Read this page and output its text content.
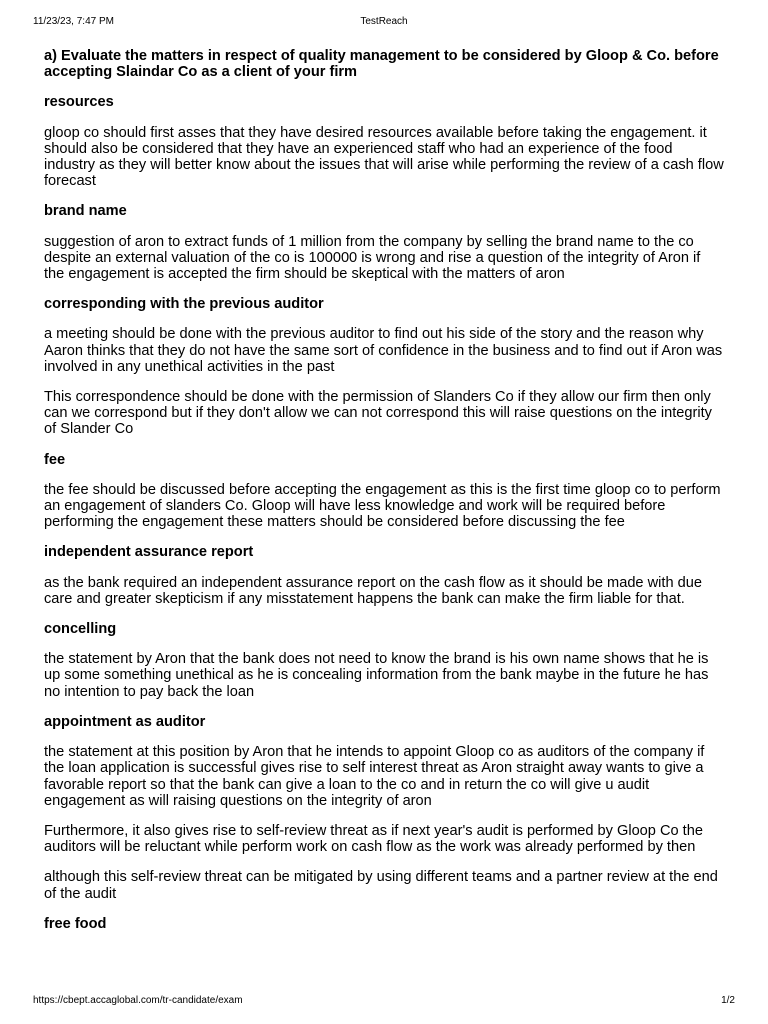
11/23/23, 7:47 PM	TestReach
a) Evaluate the matters in respect of quality management to be considered by Gloop & Co. before accepting Slaindar Co as a client of your firm
resources

gloop co should first asses that they have desired resources available before taking the engagement. it should also be considered that they have an experienced staff who had an experience of the food industry as they will better know about the issues that will arise while performing the review of a cash flow forecast

brand name

suggestion of aron to extract funds of 1 million from the company by selling the brand name to the co despite an external valuation of the co is 100000 is wrong and rise a question of the integrity of Aron if the engagement is accepted the firm should be skeptical with the matters of aron

corresponding with the previous auditor

a meeting should be done with the previous auditor to find out his side of the story and the reason why Aaron thinks that they do not have the same sort of confidence in the business and to find out if Aron was involved in any unethical activities in the past

This correspondence should be done with the permission of Slanders Co if they allow our firm then only can we correspond but if they don't allow we can not correspond this will raise questions on the integrity of Slander Co

fee

the fee should be discussed before accepting the engagement as this is the first time gloop co to perform an engagement of slanders Co. Gloop will have less knowledge and work will be required before performing the engagement these matters should be considered before discussing the fee

independent assurance report

as the bank required an independent assurance report on the cash flow as it should be made with due care and greater skepticism if any misstatement happens the bank can make the firm liable for that.

concelling

the statement by Aron that the bank does not need to know the brand is his own name shows that he is up some something unethical as he is concealing information from the bank maybe in the future he has no intention to pay back the loan

appointment as auditor

the statement at this position by Aron that he intends to appoint Gloop co as auditors of the company if the loan application is successful gives rise to self interest threat as Aron straight away wants to give a favorable report so that the bank can give a loan to the co and in return the co will give u audit engagement as will raising questions on the integrity of aron

Furthermore, it also gives rise to self-review threat as if next year's audit is performed by Gloop Co the auditors will be reluctant while perform work on cash flow as the work was already performed by then

although this self-review threat can be mitigated by using different teams and a partner review at the end of the audit

free food
https://cbept.accaglobal.com/tr-candidate/exam	1/2
